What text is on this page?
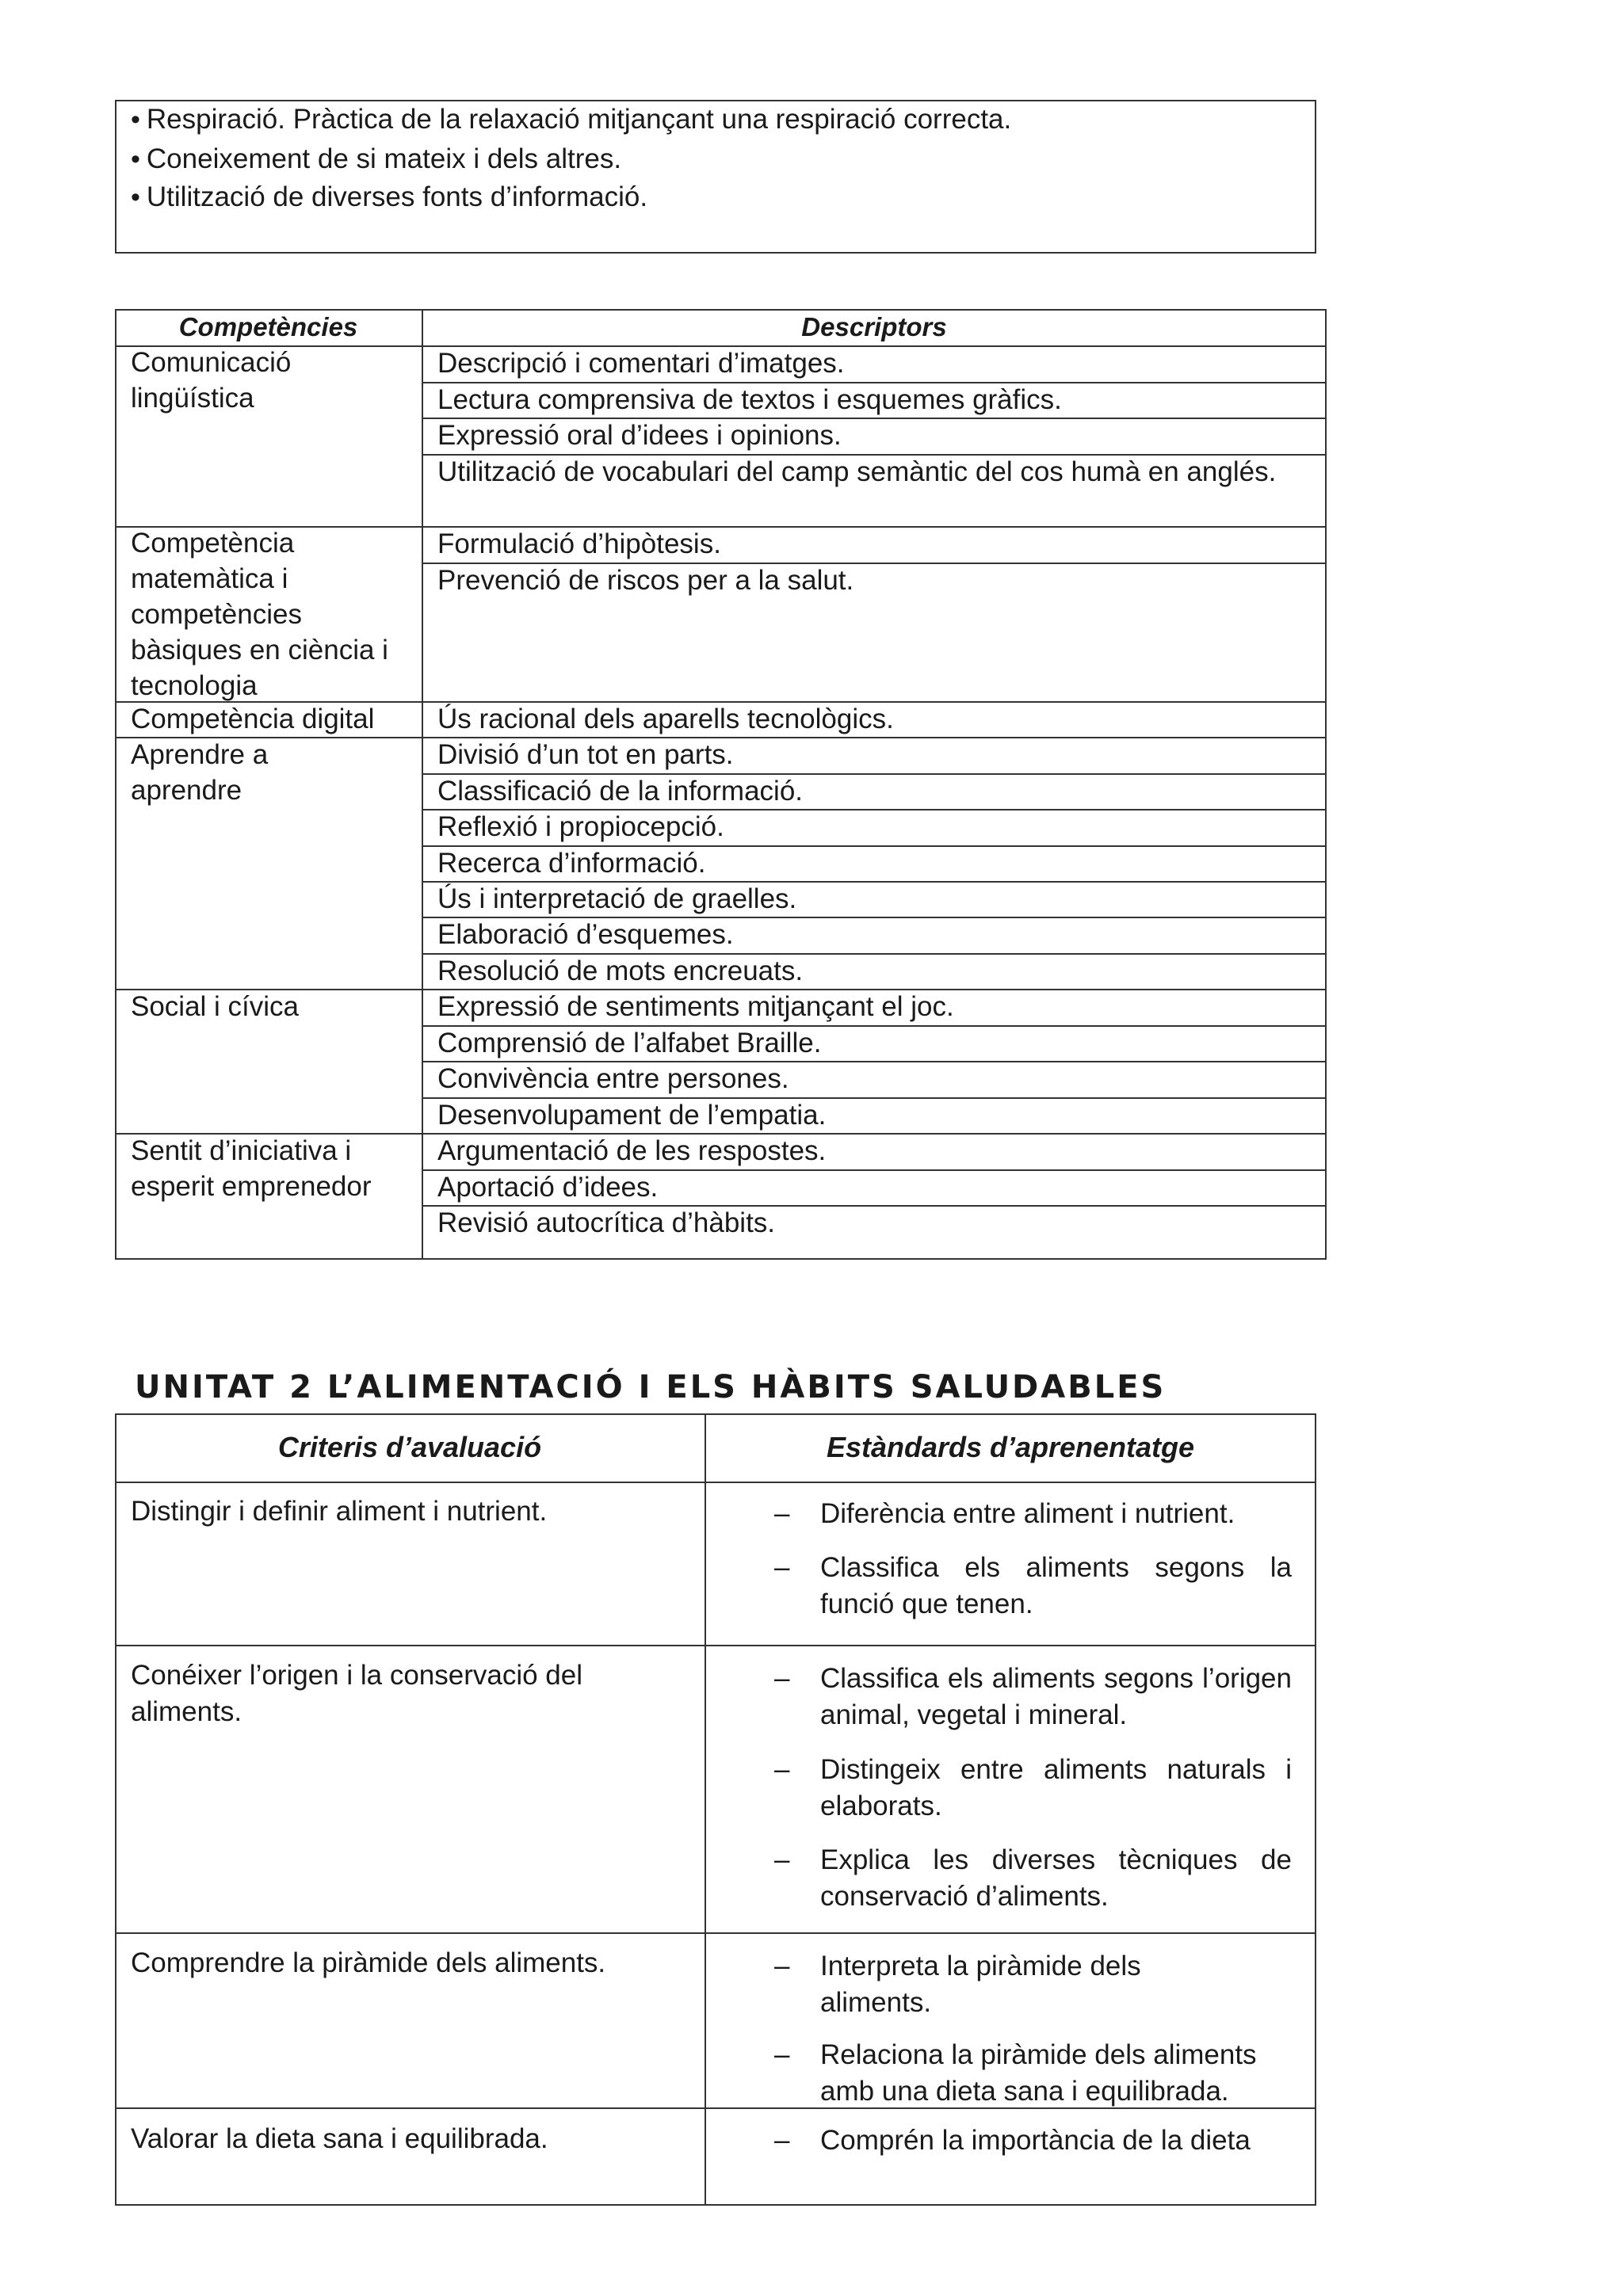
• Respiració. Pràctica de la relaxació mitjançant una respiració correcta.
• Coneixement de si mateix i dels altres.
• Utilització de diverses fonts d’informació.
Competències	Descriptors
Comunicació lingüística
Competència matemàtica i competències bàsiques en ciència i tecnologia
Competència digital
Aprendre a aprendre
Social i cívica
Sentit d’iniciativa i esperit emprenedor
Descripció i comentari d’imatges.
Lectura comprensiva de textos i esquemes gràfics.
Expressió oral d’idees i opinions.
Utilització de vocabulari del camp semàntic del cos humà en anglés.
Formulació d’hipòtesis.
Prevenció de riscos per a la salut.
Ús racional dels aparells tecnològics.
Divisió d’un tot en parts.
Classificació de la informació.
Reflexió i propiocepció.
Recerca d’informació.
Ús i interpretació de graelles.
Elaboració d’esquemes.
Resolució de mots encreuats.
Expressió de sentiments mitjançant el joc.
Comprensió de l’alfabet Braille.
Convivència entre persones.
Desenvolupament de l’empatia.
Argumentació de les respostes.
Aportació d’idees.
Revisió autocrítica d’hàbits.
UNITAT 2 L’ALIMENTACIÓ I ELS HÀBITS SALUDABLES
Criteris d’avaluació	Estàndards d’aprenentatge
Distingir i definir aliment i nutrient.
Conéixer l’origen i la conservació del aliments.
Comprendre la piràmide dels aliments.
Valorar la dieta sana i equilibrada.
– Diferència entre aliment i nutrient.
– Classifica els aliments segons la funció que tenen.
– Classifica els aliments segons l’origen animal, vegetal i mineral.
– Distingeix entre aliments naturals i elaborats.
– Explica les diverses tècniques de conservació d’aliments.
– Interpreta la piràmide dels aliments.
– Relaciona la piràmide dels aliments amb una dieta sana i equilibrada.
– Comprén la importància de la dieta
